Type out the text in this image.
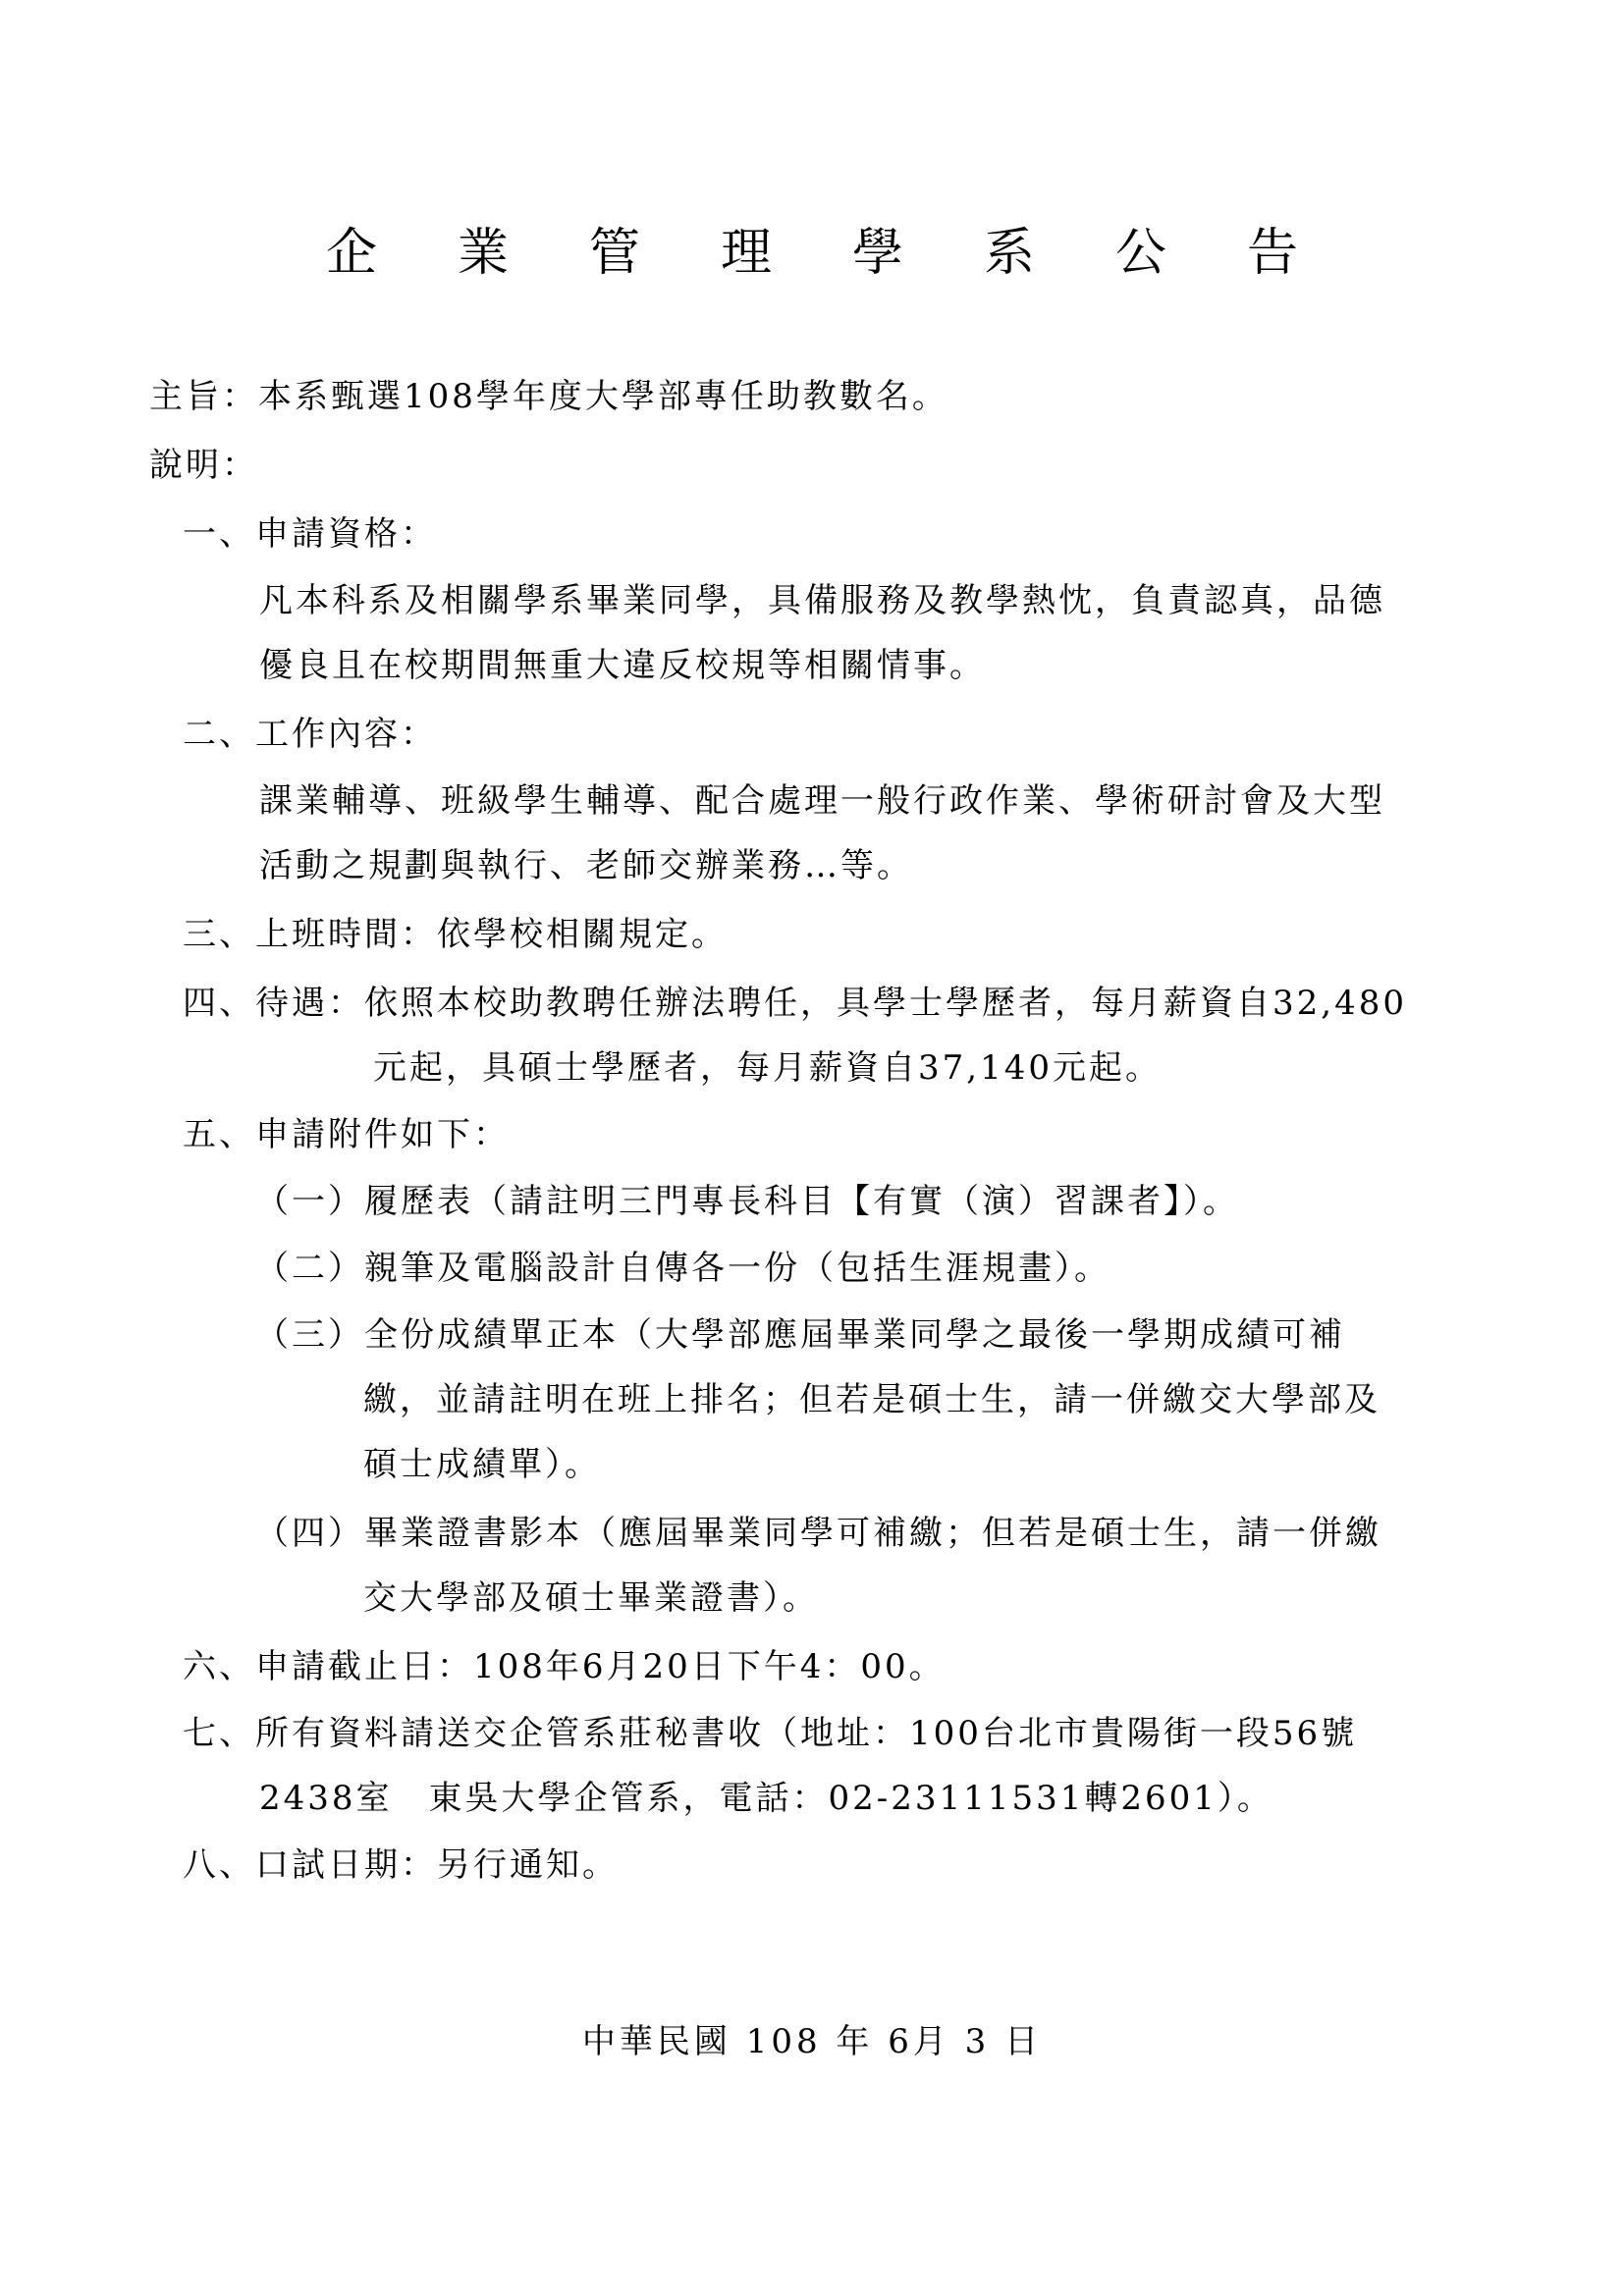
企業管理學系公告
主旨：本系甄選108學年度大學部專任助教數名。
說明：
一、申請資格：
凡本科系及相關學系畢業同學，具備服務及教學熱忱，負責認真，品德
優良且在校期間無重大違反校規等相關情事。
二、工作內容：
課業輔導、班級學生輔導、配合處理一般行政作業、學術研討會及大型
活動之規劃與執行、老師交辦業務…等。
三、上班時間：依學校相關規定。
四、待遇：依照本校助教聘任辦法聘任，具學士學歷者，每月薪資自32,480
元起，具碩士學歷者，每月薪資自37,140元起。
五、申請附件如下：
（一）履歷表（請註明三門專長科目【有實（演）習課者】）。
（二）親筆及電腦設計自傳各一份（包括生涯規畫）。
（三）全份成績單正本（大學部應屆畢業同學之最後一學期成績可補
繳，並請註明在班上排名；但若是碩士生，請一併繳交大學部及
碩士成績單）。
（四）畢業證書影本（應屆畢業同學可補繳；但若是碩士生，請一併繳
交大學部及碩士畢業證書）。
六、申請截止日：108年6月20日下午4：00。
七、所有資料請送交企管系莊秘書收（地址：100台北市貴陽街一段56號
2438室　東吳大學企管系，電話：02-23111531轉2601）。
八、口試日期：另行通知。
中華民國 108 年 6月 3 日
